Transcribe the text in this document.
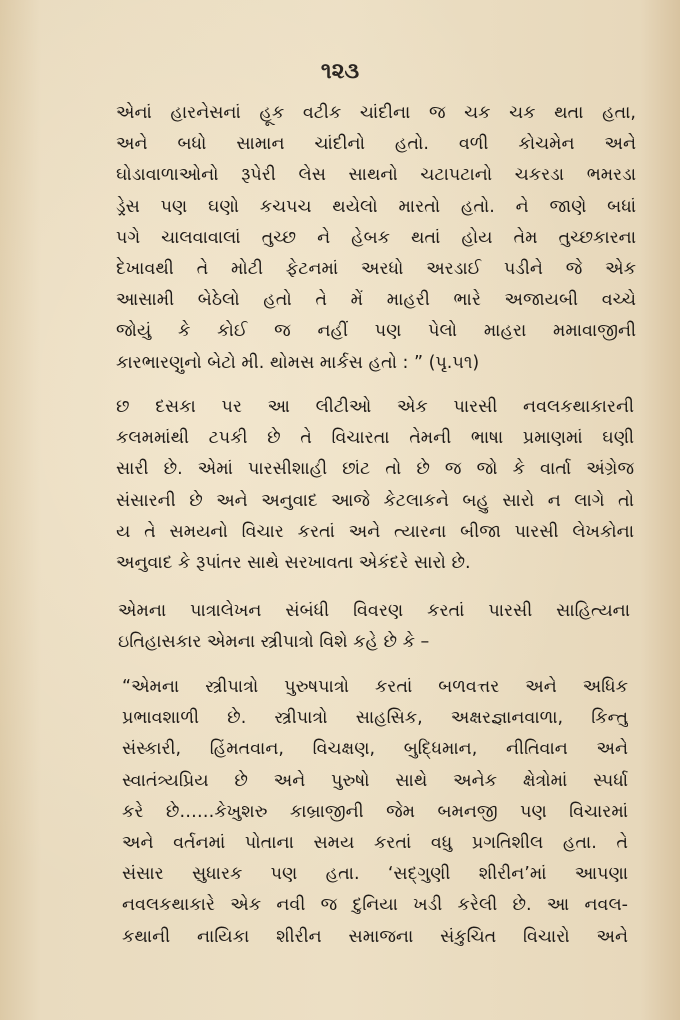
૧૨૩
એનાં હારનેસનાં હૂક વટીક ચાંદીના જ ચક ચક થતા હતા,
અને બધો સામાન ચાંદીનો હતો. વળી કોચમેન અને
ઘોડાવાળાઓનો રૂપેરી લેસ સાથનો ચટાપટાનો ચકરડા ભમરડા
ડ્રેસ પણ ઘણો કચપચ થયેલો મારતો હતો. ને જાણે બધાં
પગે ચાલવાવાલાં તુચ્છ ને હેબક થતાં હોય તેમ તુચ્છકારના
દેખાવથી તે મોટી ફેટનમાં અરધો અરડાઈ પડીને જે એક
આસામી બેઠેલો હતો તે મેં માહરી ભારે અજાયબી વચ્ચે
જોયું કે કોઈ જ નહીં પણ પેલો માહરા મમાવાજીની
કારભારણુનો બેટો મી. થોમસ માર્કસ હતો : ” (પૃ.૫૧)
છ દસકા પર આ લીટીઓ એક પારસી નવલકથાકારની
કલમમાંથી ટપકી છે તે વિચારતા તેમની ભાષા પ્રમાણમાં ઘણી
સારી છે. એમાં પારસીશાહી છાંટ તો છે જ જો કે વાર્તા અંગ્રેજ
સંસારની છે અને અનુવાદ આજે કેટલાકને બહુ સારો ન લાગે તો
ય તે સમયનો વિચાર કરતાં અને ત્યારના બીજા પારસી લેખકોના
અનુવાદ કે રૂપાંતર સાથે સરખાવતા એકંદરે સારો છે.
એમના પાત્રાલેખન સંબંધી વિવરણ કરતાં પારસી સાહિત્યના
ઇતિહાસકાર એમના સ્ત્રીપાત્રો વિશે કહે છે કે –
“એમના સ્ત્રીપાત્રો પુરુષપાત્રો કરતાં બળવત્તર અને અધિક
પ્રભાવશાળી છે. સ્ત્રીપાત્રો સાહસિક, અક્ષરજ્ઞાનવાળા, કિન્તુ
સંસ્કારી, હિંમતવાન, વિચક્ષણ, બુદ્ધિમાન, નીતિવાન અને
સ્વાતંત્ર્યપ્રિય છે અને પુરુષો સાથે અનેક ક્ષેત્રોમાં સ્પર્ધા
કરે છે……કેખુશરુ કાબ્રાજીની જેમ બમનજી પણ વિચારમાં
અને વર્તનમાં પોતાના સમય કરતાં વધુ પ્રગતિશીલ હતા. તે
સંસાર સુધારક પણ હતા. ‘સદ્‌ગુણી શીરીન’માં આપણા
નવલકથાકારે એક નવી જ દુનિયા ખડી કરેલી છે. આ નવલ-
કથાની નાયિકા શીરીન સમાજના સંકુચિત વિચારો અને
